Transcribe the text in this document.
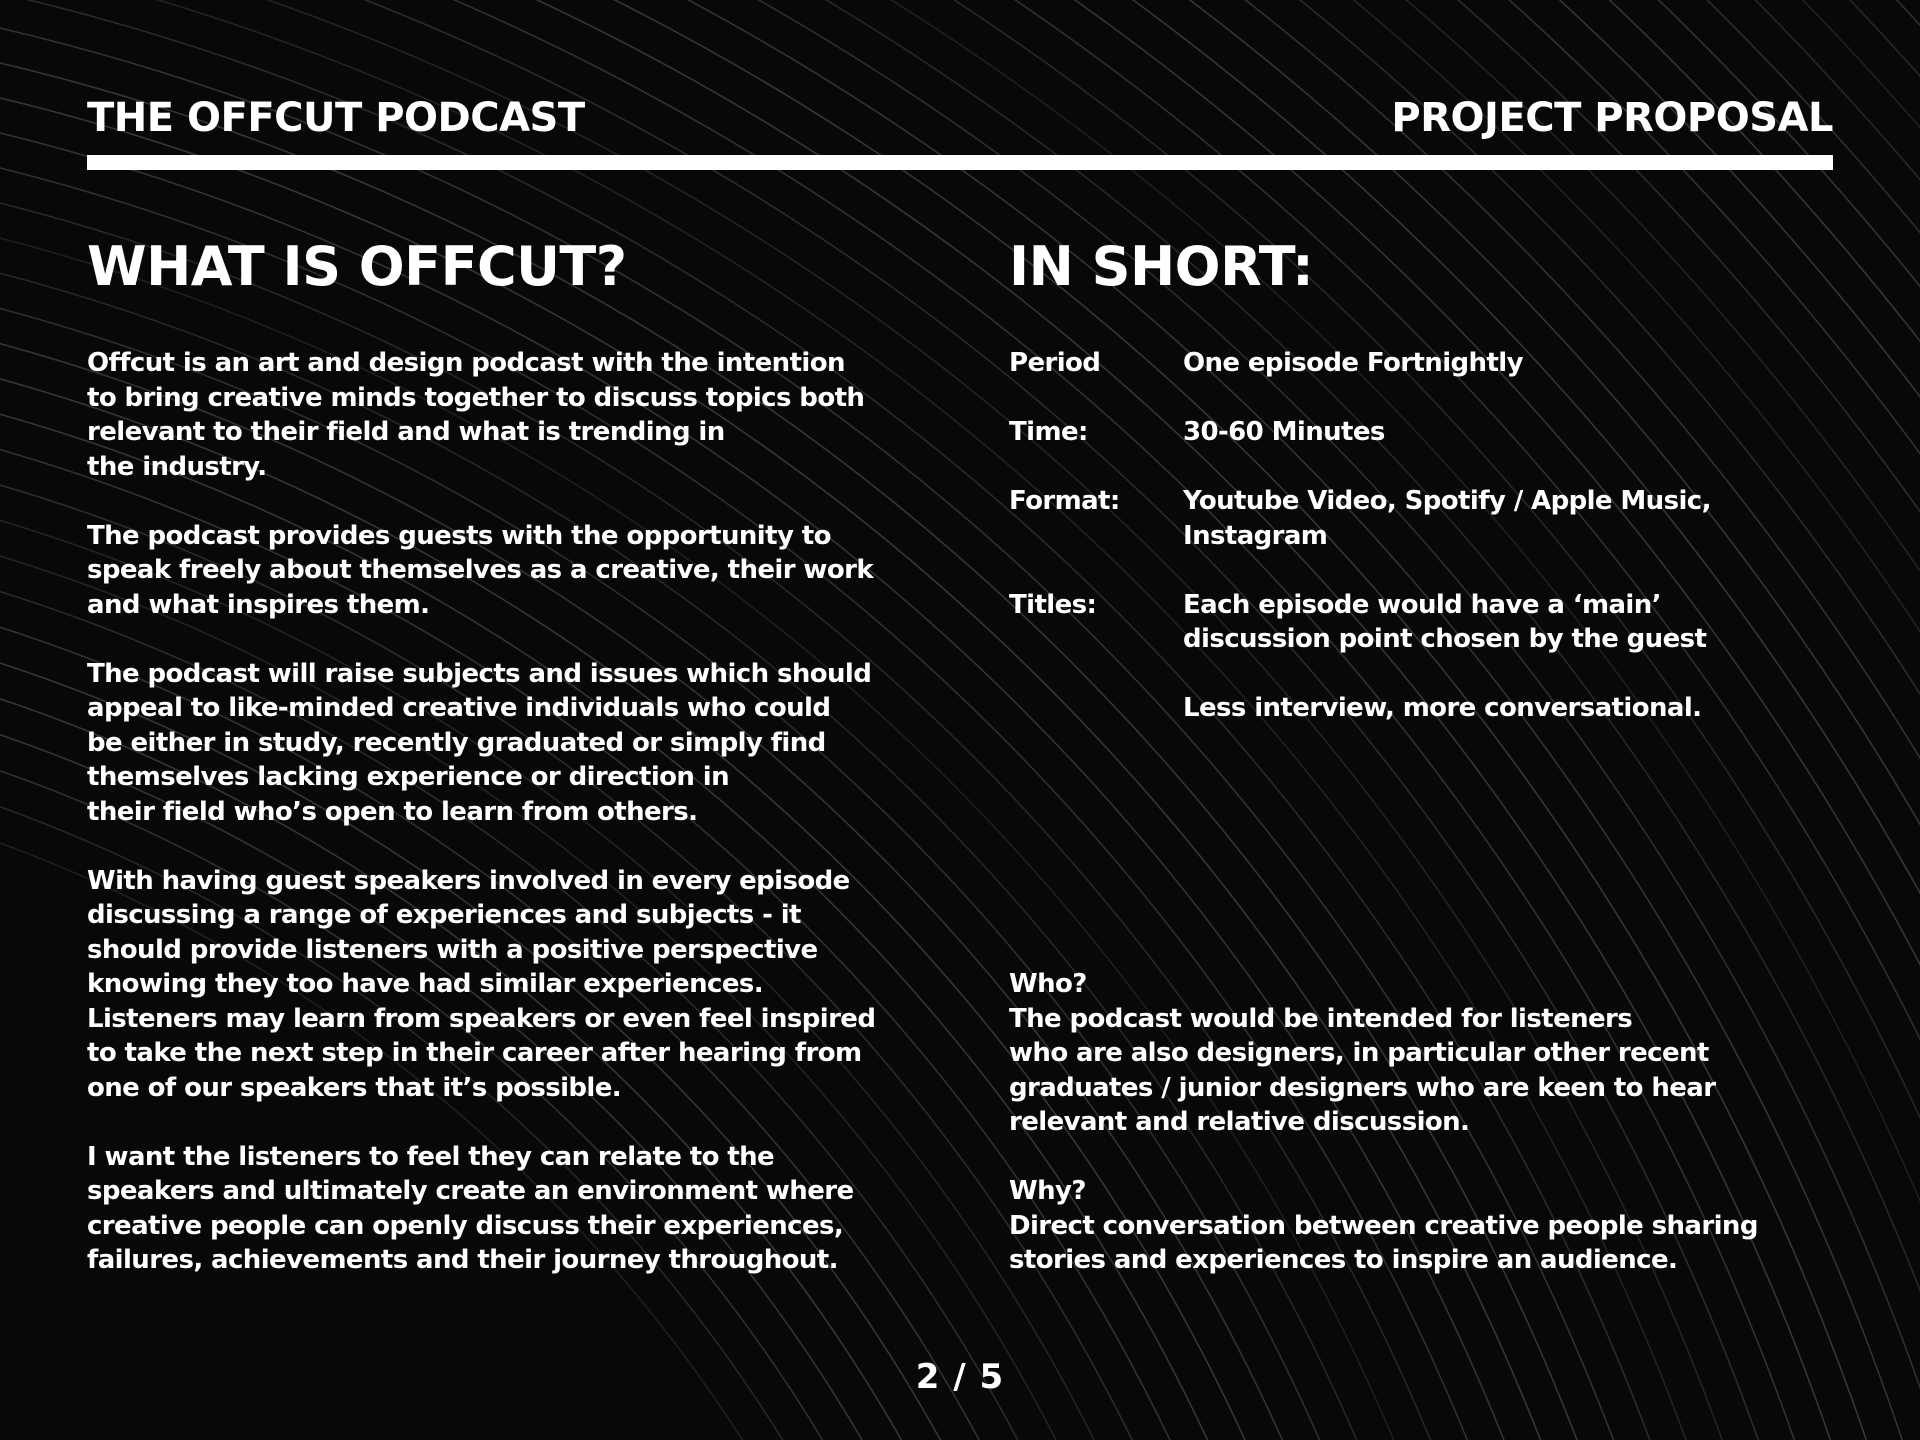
THE OFFCUT PODCAST	PROJECT PROPOSAL
WHAT IS OFFCUT?	IN SHORT:
Offcut is an art and design podcast with the intention
to bring creative minds together to discuss topics both
relevant to their field and what is trending in
the industry.
The podcast provides guests with the opportunity to
speak freely about themselves as a creative, their work
and what inspires them.
The podcast will raise subjects and issues which should
appeal to like-minded creative individuals who could
be either in study, recently graduated or simply find
themselves lacking experience or direction in
their field who’s open to learn from others.
With having guest speakers involved in every episode
discussing a range of experiences and subjects - it
should provide listeners with a positive perspective
knowing they too have had similar experiences.
Listeners may learn from speakers or even feel inspired
to take the next step in their career after hearing from
one of our speakers that it’s possible.
I want the listeners to feel they can relate to the
speakers and ultimately create an environment where
creative people can openly discuss their experiences,
failures, achievements and their journey throughout.
Period	One episode Fortnightly
Time:	30-60 Minutes
Format:	Youtube Video, Spotify / Apple Music,
Instagram
Titles:	Each episode would have a ‘main’
discussion point chosen by the guest
Less interview, more conversational.
Who?
The podcast would be intended for listeners
who are also designers, in particular other recent
graduates / junior designers who are keen to hear
relevant and relative discussion.
Why?
Direct conversation between creative people sharing
stories and experiences to inspire an audience.
2 / 5
